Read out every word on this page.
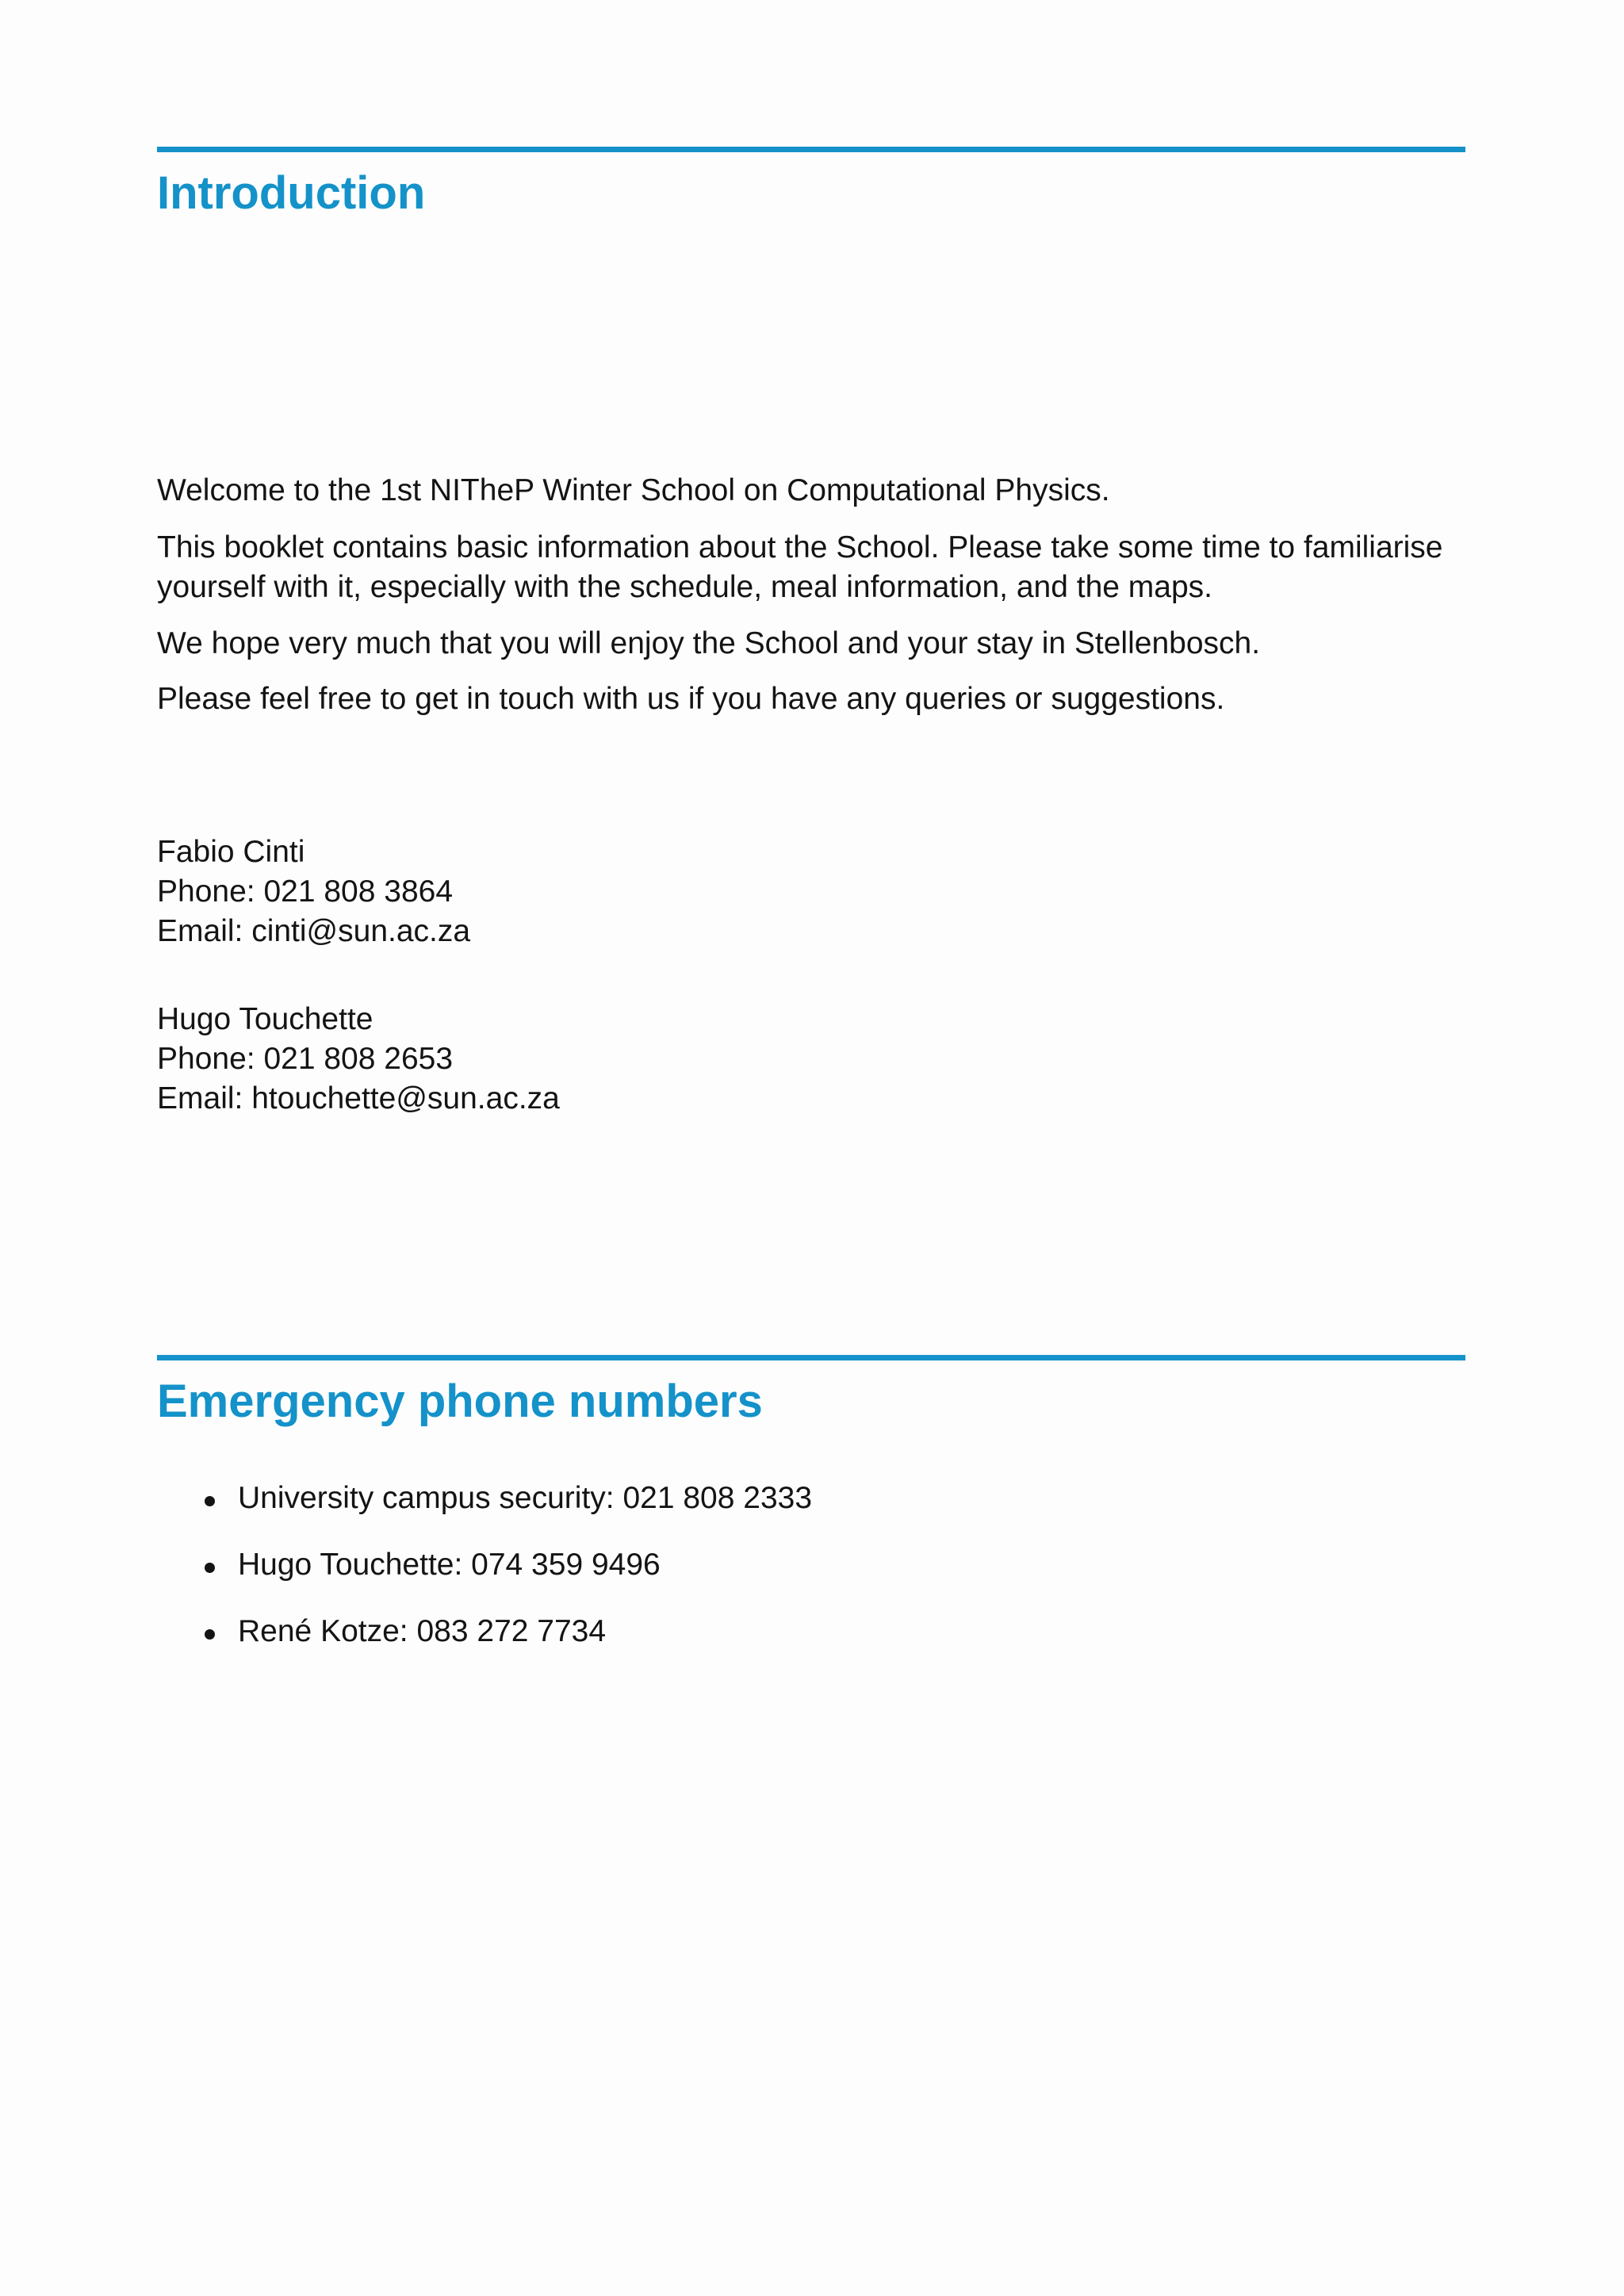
Introduction

Welcome to the 1st NITheP Winter School on Computational Physics.

This booklet contains basic information about the School. Please take some time to familiarise

yourself with it, especially with the schedule, meal information, and the maps.

We hope very much that you will enjoy the School and your stay in Stellenbosch.

Please feel free to get in touch with us if you have any queries or suggestions.

Fabio Cinti
Phone: 021 808 3864
Email: cinti@sun.ac.za
Hugo Touchette
Phone: 021 808 2653
Email: htouchette@sun.ac.za
Emergency phone numbers
University campus security: 021 808 2333
Hugo Touchette: 074 359 9496
René Kotze: 083 272 7734
